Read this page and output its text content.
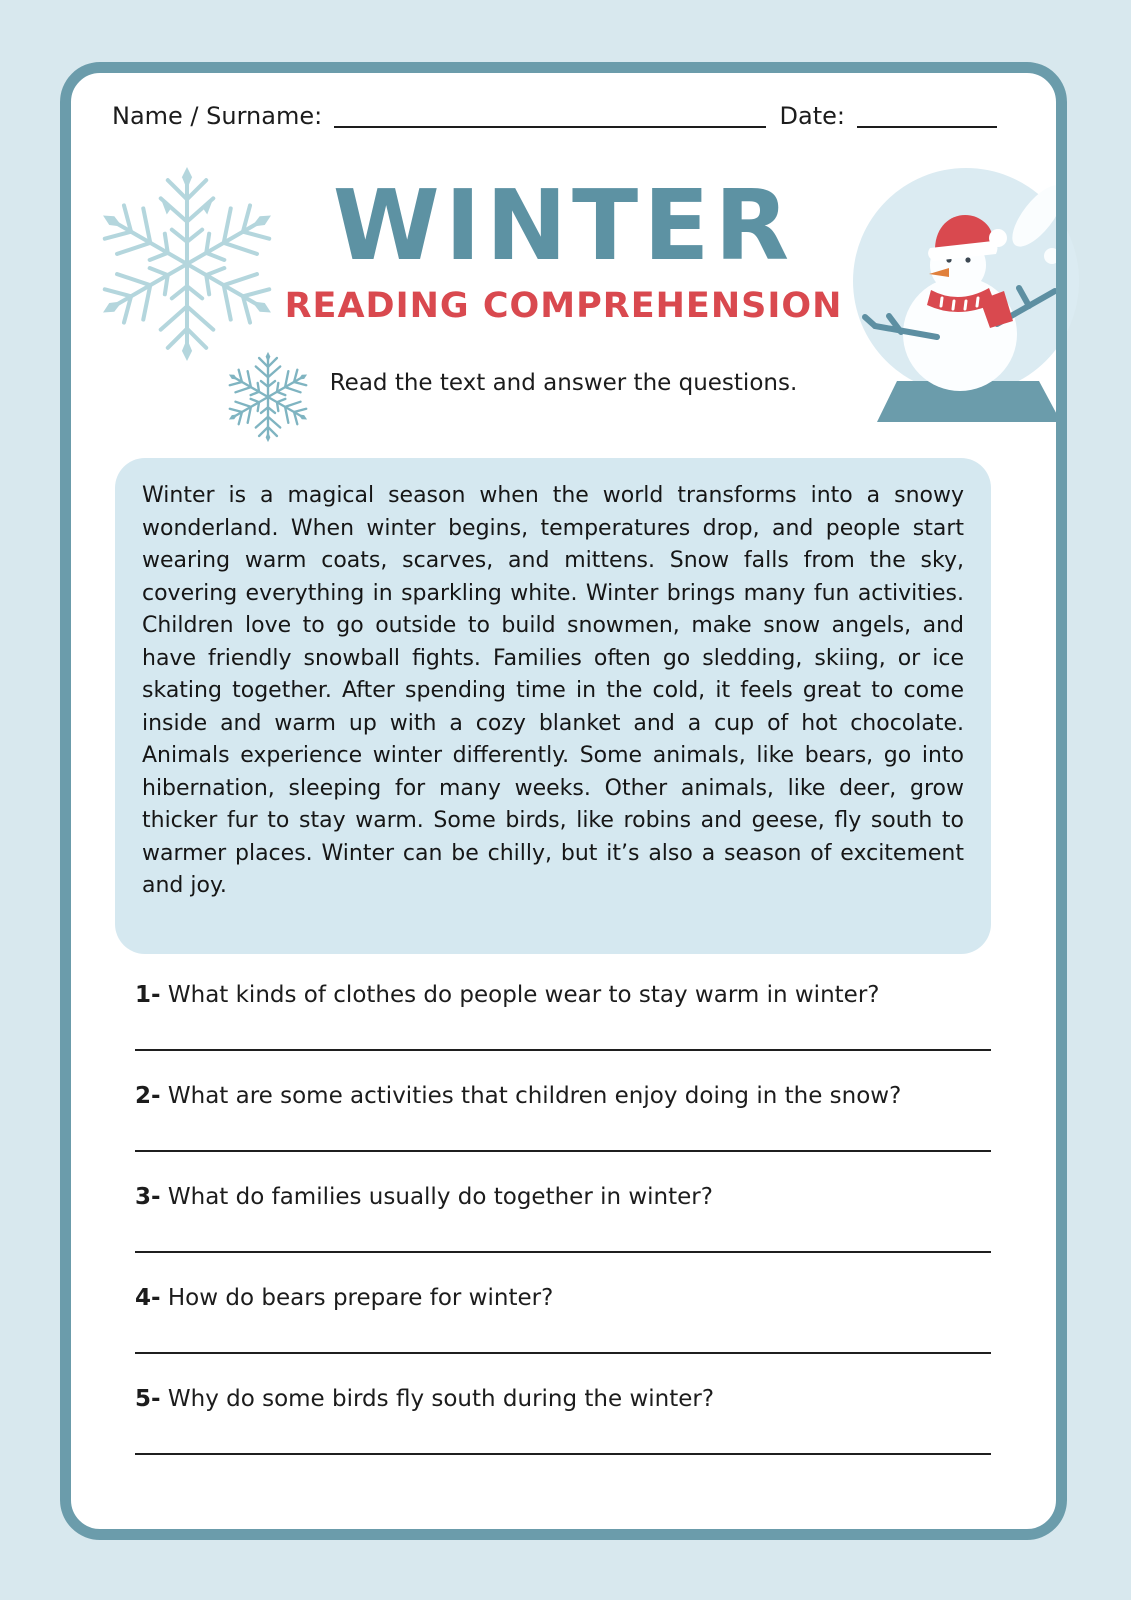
Name / Surname:	Date:
WINTER
READING COMPREHENSION
Read the text and answer the questions.
Winter is a magical season when the world transforms into a snowy wonderland. When winter begins, temperatures drop, and people start wearing warm coats, scarves, and mittens. Snow falls from the sky, covering everything in sparkling white. Winter brings many fun activities. Children love to go outside to build snowmen, make snow angels, and have friendly snowball fights. Families often go sledding, skiing, or ice skating together. After spending time in the cold, it feels great to come inside and warm up with a cozy blanket and a cup of hot chocolate. Animals experience winter differently. Some animals, like bears, go into hibernation, sleeping for many weeks. Other animals, like deer, grow thicker fur to stay warm. Some birds, like robins and geese, fly south to warmer places. Winter can be chilly, but it’s also a season of excitement and joy.
1- What kinds of clothes do people wear to stay warm in winter?
2- What are some activities that children enjoy doing in the snow?
3- What do families usually do together in winter?
4- How do bears prepare for winter?
5- Why do some birds fly south during the winter?
